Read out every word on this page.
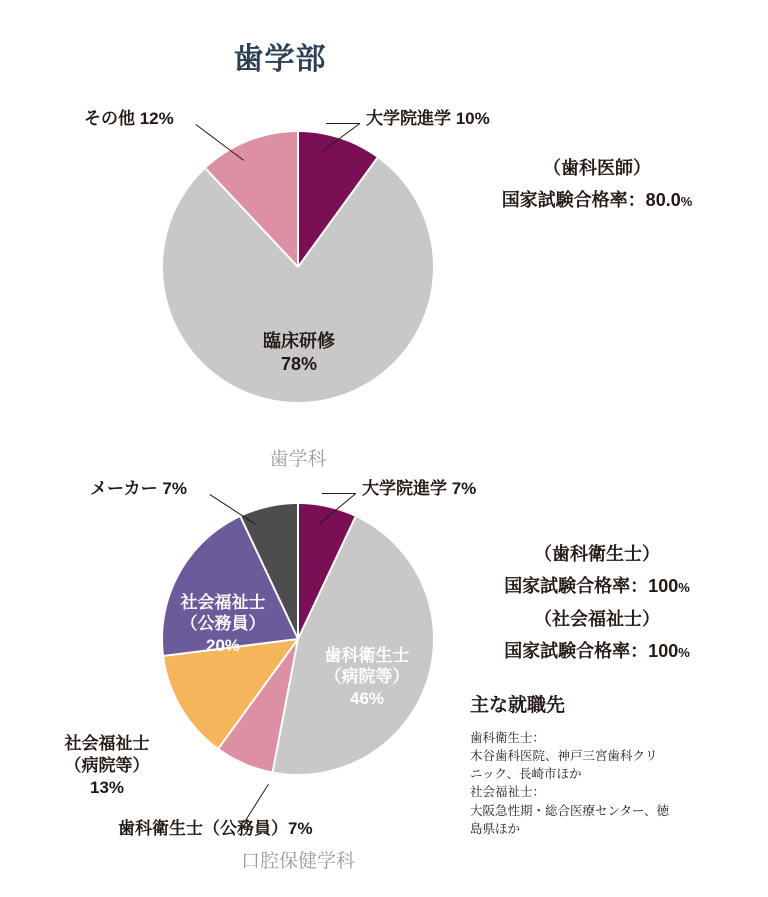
歯学部
歯学科
臨床研修
78%
その他 12%	大学院進学 10%
口腔保健学科
歯科衛生士
（病院等）
46%
社会福祉士
（公務員）
20%
メーカー 7%	大学院進学 7%
社会福祉士
（病院等）
13%
歯科衛生士（公務員）7%
（歯科医師）
国家試験合格率：80.0%
（歯科衛生士）
国家試験合格率：100%
（社会福祉士）
国家試験合格率：100%
主な就職先
歯科衛生士：
木谷歯科医院、神戸三宮歯科クリ
ニック、長崎市ほか
社会福祉士：
大阪急性期・総合医療センター、徳
島県ほか
